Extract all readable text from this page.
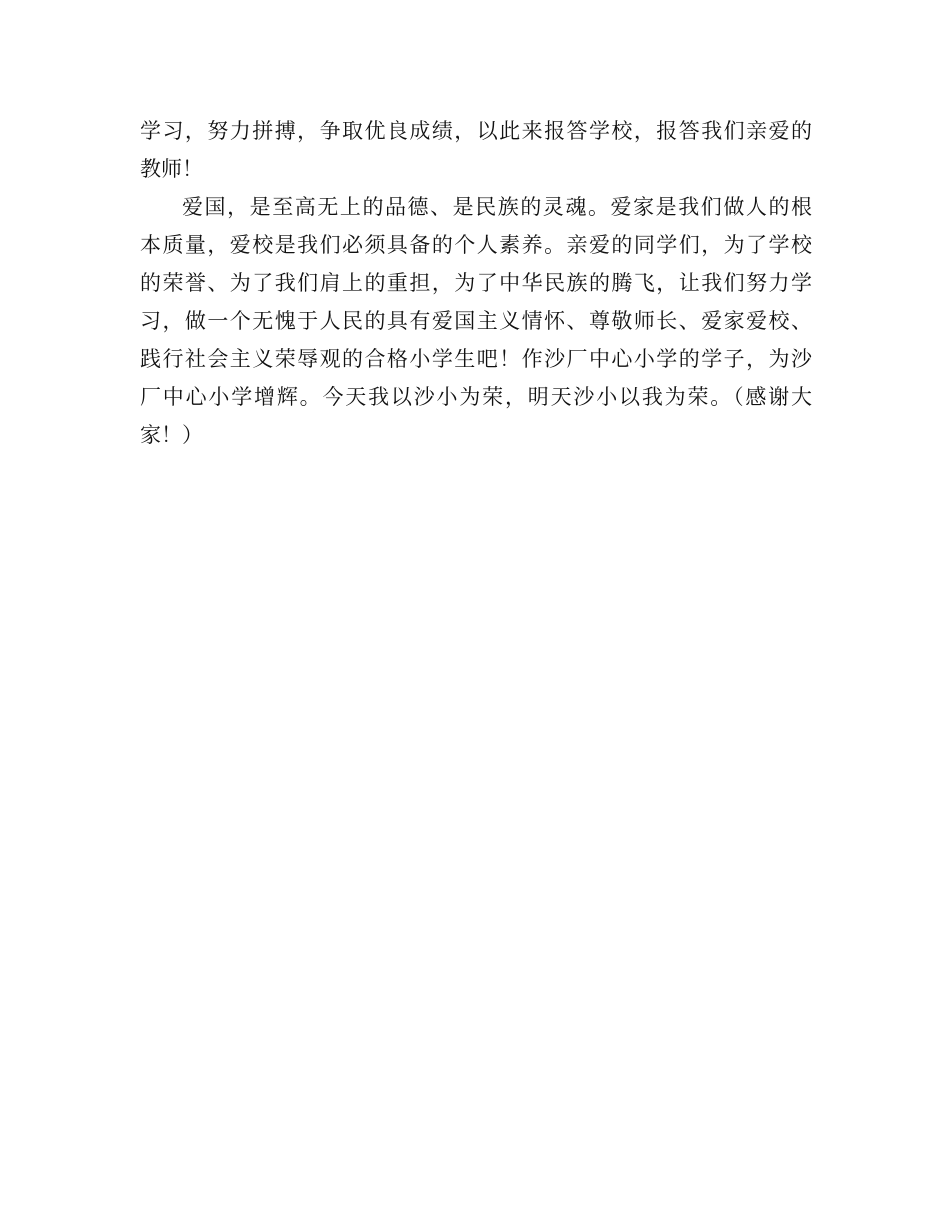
学习，努力拼搏，争取优良成绩，以此来报答学校，报答我们亲爱的
教师！
爱国，是至高无上的品德、是民族的灵魂。爱家是我们做人的根
本质量，爱校是我们必须具备的个人素养。亲爱的同学们，为了学校
的荣誉、为了我们肩上的重担，为了中华民族的腾飞，让我们努力学
习，做一个无愧于人民的具有爱国主义情怀、尊敬师长、爱家爱校、
践行社会主义荣辱观的合格小学生吧！作沙厂中心小学的学子，为沙
厂中心小学增辉。今天我以沙小为荣，明天沙小以我为荣。（感谢大
家！）
